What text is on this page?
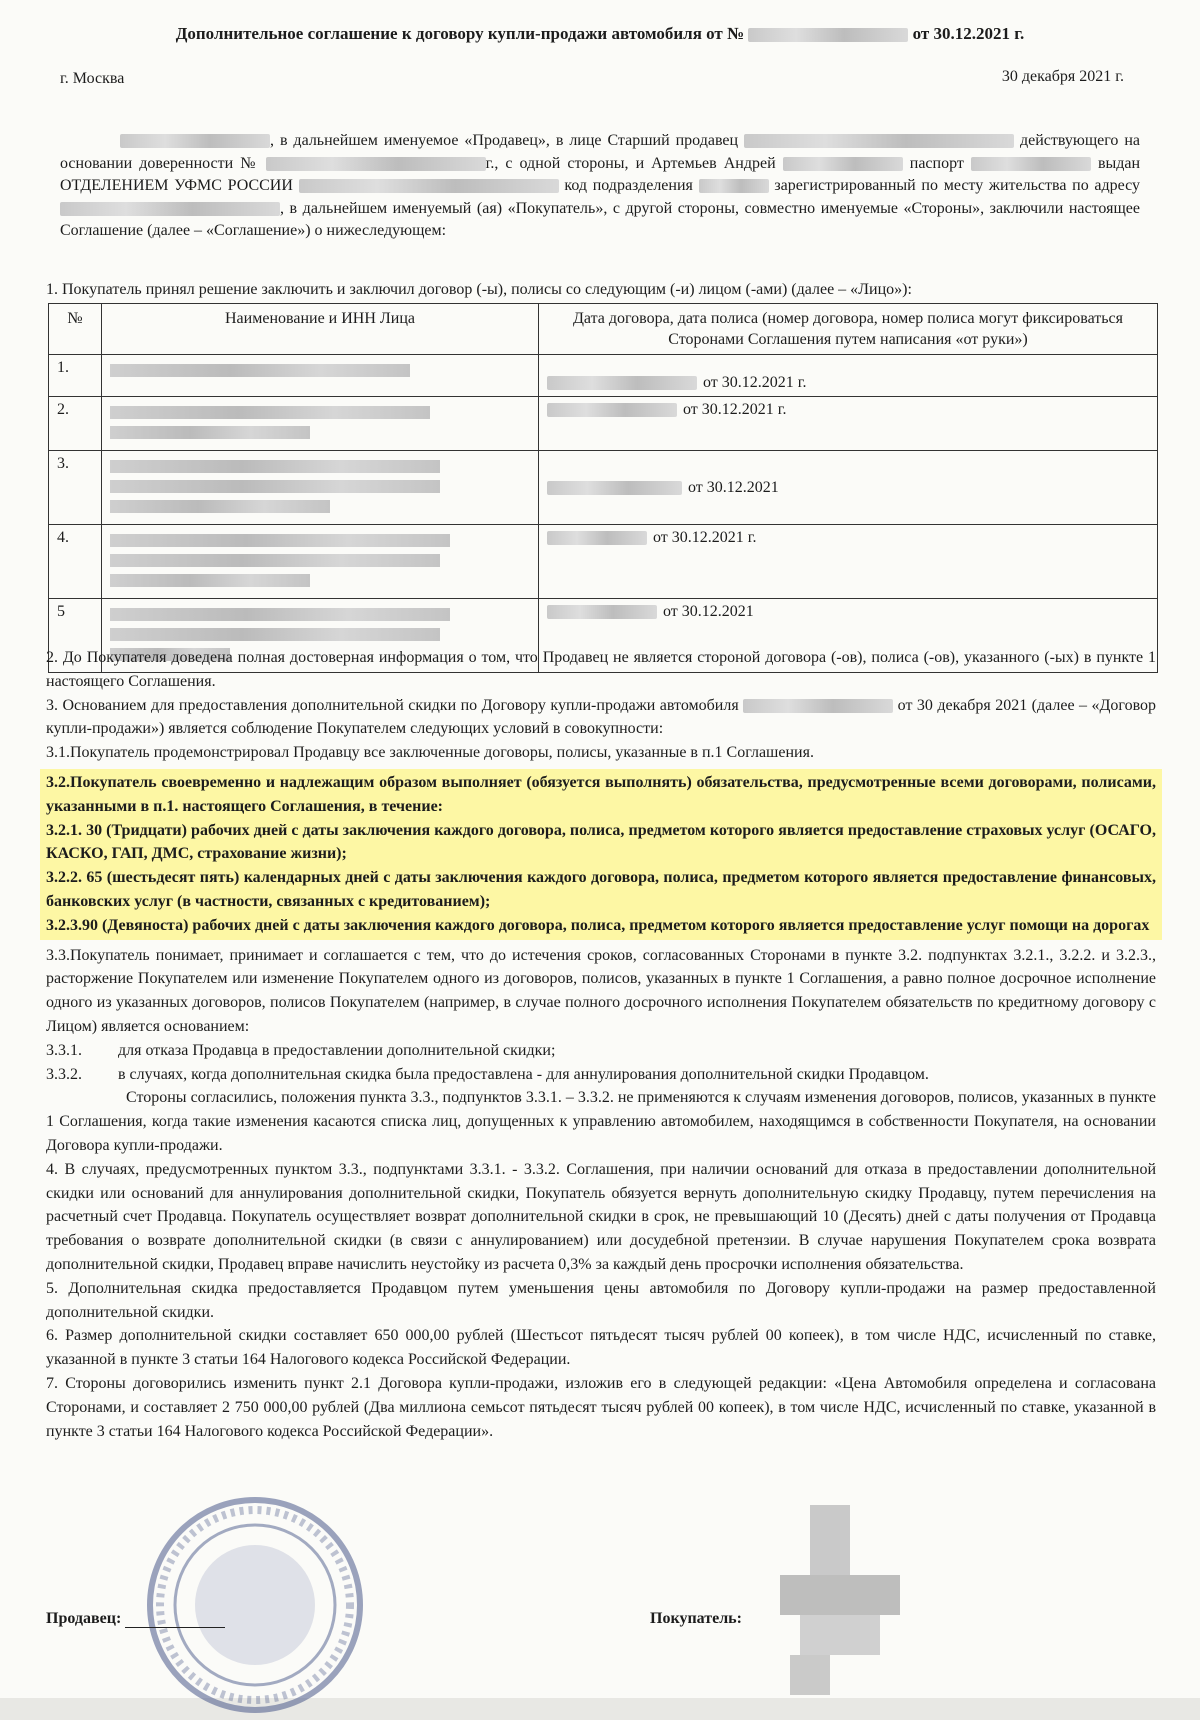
Дополнительное соглашение к договору купли-продажи автомобиля от №	от 30.12.2021 г.
г. Москва	30 декабря 2021 г.
, в дальнейшем именуемое «Продавец», в лице Старший продавец	действующего на основании доверенности №	г., с одной стороны, и Артемьев Андрей	паспорт	выдан ОТДЕЛЕНИЕМ УФМС РОССИИ	код подразделения	зарегистрированный по месту жительства по адресу , в дальнейшем именуемый (ая) «Покупатель», с другой стороны, совместно именуемые «Стороны», заключили настоящее Соглашение (далее – «Соглашение») о нижеследующем:
1. Покупатель принял решение заключить и заключил договор (-ы), полисы со следующим (-и) лицом (-ами) (далее – «Лицо»):
№	Наименование и ИНН Лица	Дата договора, дата полиса (номер договора, номер полиса могут фиксироваться Сторонами Соглашения путем написания «от руки»)
1.		от 30.12.2021 г.
2.		от 30.12.2021 г.
3.		от 30.12.2021
4.		от 30.12.2021 г.
5		от 30.12.2021

2. До Покупателя доведена полная достоверная информация о том, что Продавец не является стороной договора (-ов), полиса (-ов), указанного (-ых) в пункте 1 настоящего Соглашения.

3. Основанием для предоставления дополнительной скидки по Договору купли-продажи автомобиля	от 30 декабря 2021 (далее – «Договор купли-продажи») является соблюдение Покупателем следующих условий в совокупности:

3.1.Покупатель продемонстрировал Продавцу все заключенные договоры, полисы, указанные в п.1 Соглашения.

3.2.Покупатель своевременно и надлежащим образом выполняет (обязуется выполнять) обязательства, предусмотренные всеми договорами, полисами, указанными в п.1. настоящего Соглашения, в течение:

3.2.1. 30 (Тридцати) рабочих дней с даты заключения каждого договора, полиса, предметом которого является предоставление страховых услуг (ОСАГО, КАСКО, ГАП, ДМС, страхование жизни);

3.2.2. 65 (шестьдесят пять) календарных дней с даты заключения каждого договора, полиса, предметом которого является предоставление финансовых, банковских услуг (в частности, связанных с кредитованием);

3.2.3.90 (Девяноста) рабочих дней с даты заключения каждого договора, полиса, предметом которого является предоставление услуг помощи на дорогах

3.3.Покупатель понимает, принимает и соглашается с тем, что до истечения сроков, согласованных Сторонами в пункте 3.2. подпунктах 3.2.1., 3.2.2. и 3.2.3., расторжение Покупателем или изменение Покупателем одного из договоров, полисов, указанных в пункте 1 Соглашения, а равно полное досрочное исполнение одного из указанных договоров, полисов Покупателем (например, в случае полного досрочного исполнения Покупателем обязательств по кредитному договору с Лицом) является основанием:

3.3.1.	для отказа Продавца в предоставлении дополнительной скидки;
3.3.2.	в случаях, когда дополнительная скидка была предоставлена - для аннулирования дополнительной скидки Продавцом.

Стороны согласились, положения пункта 3.3., подпунктов 3.3.1. – 3.3.2. не применяются к случаям изменения договоров, полисов, указанных в пункте 1 Соглашения, когда такие изменения касаются списка лиц, допущенных к управлению автомобилем, находящимся в собственности Покупателя, на основании Договора купли-продажи.

4. В случаях, предусмотренных пунктом 3.3., подпунктами 3.3.1. - 3.3.2. Соглашения, при наличии оснований для отказа в предоставлении дополнительной скидки или оснований для аннулирования дополнительной скидки, Покупатель обязуется вернуть дополнительную скидку Продавцу, путем перечисления на расчетный счет Продавца. Покупатель осуществляет возврат дополнительной скидки в срок, не превышающий 10 (Десять) дней с даты получения от Продавца требования о возврате дополнительной скидки (в связи с аннулированием) или досудебной претензии. В случае нарушения Покупателем срока возврата дополнительной скидки, Продавец вправе начислить неустойку из расчета 0,3% за каждый день просрочки исполнения обязательства.

5. Дополнительная скидка предоставляется Продавцом путем уменьшения цены автомобиля по Договору купли-продажи на размер предоставленной дополнительной скидки.

6. Размер дополнительной скидки составляет 650 000,00 рублей (Шестьсот пятьдесят тысяч рублей 00 копеек), в том числе НДС, исчисленный по ставке, указанной в пункте 3 статьи 164 Налогового кодекса Российской Федерации.

7. Стороны договорились изменить пункт 2.1 Договора купли-продажи, изложив его в следующей редакции: «Цена Автомобиля определена и согласована Сторонами, и составляет 2 750 000,00 рублей (Два миллиона семьсот пятьдесят тысяч рублей 00 копеек), в том числе НДС, исчисленный по ставке, указанной в пункте 3 статьи 164 Налогового кодекса Российской Федерации».

Продавец:	Покупатель:
